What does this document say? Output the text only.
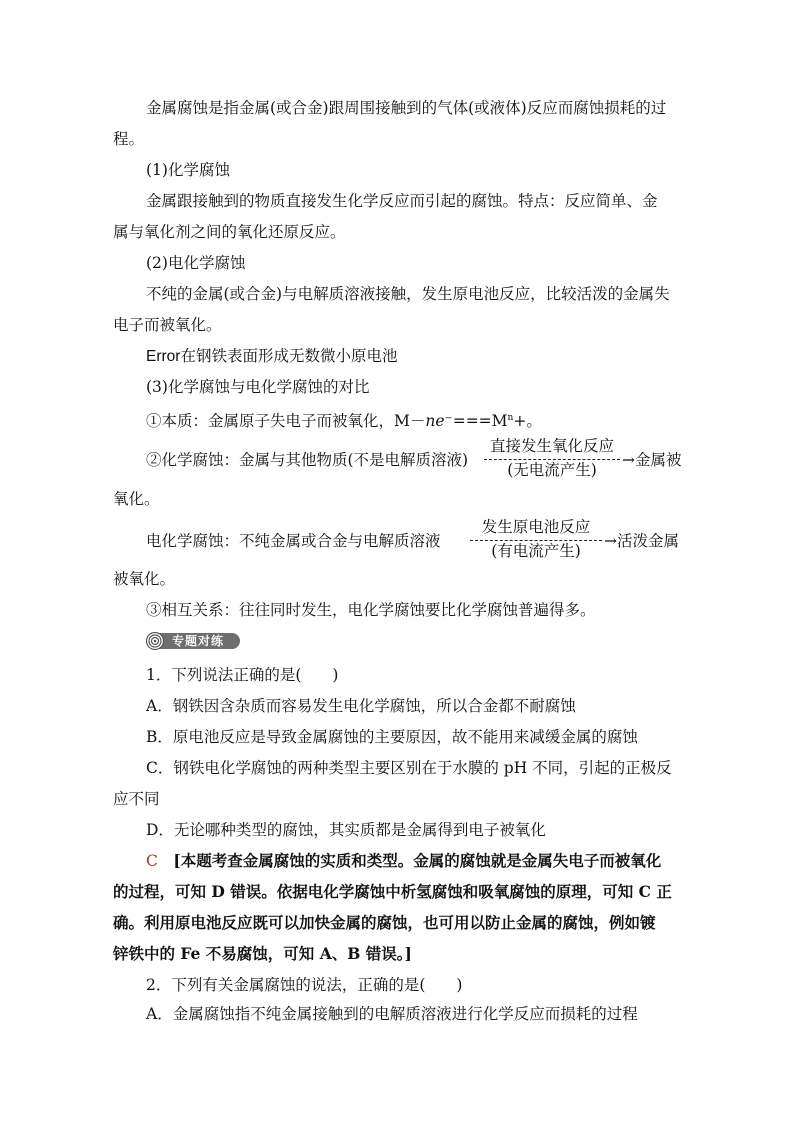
金属腐蚀是指金属(或合金)跟周围接触到的气体(或液体)反应而腐蚀损耗的过
程。
(1)化学腐蚀
金属跟接触到的物质直接发生化学反应而引起的腐蚀。特点：反应简单、金
属与氧化剂之间的氧化还原反应。
(2)电化学腐蚀
不纯的金属(或合金)与电解质溶液接触，发生原电池反应，比较活泼的金属失
电子而被氧化。
Error在钢铁表面形成无数微小原电池
(3)化学腐蚀与电化学腐蚀的对比
①本质：金属原子失电子而被氧化，$M-ne^-===M^n+$。
②化学腐蚀：金属与其他物质(不是电解质溶液)
直接发生氧化反应
(无电流产生)
→金属被
氧化。
电化学腐蚀：不纯金属或合金与电解质溶液
发生原电池反应
(有电流产生)
→活泼金属
被氧化。
③相互关系：往往同时发生，电化学腐蚀要比化学腐蚀普遍得多。
专题对练
1．下列说法正确的是(　　)
A．钢铁因含杂质而容易发生电化学腐蚀，所以合金都不耐腐蚀
B．原电池反应是导致金属腐蚀的主要原因，故不能用来减缓金属的腐蚀
C．钢铁电化学腐蚀的两种类型主要区别在于水膜的 pH 不同，引起的正极反
应不同
D．无论哪种类型的腐蚀，其实质都是金属得到电子被氧化
C　[本题考查金属腐蚀的实质和类型。金属的腐蚀就是金属失电子而被氧化
的过程，可知 D 错误。依据电化学腐蚀中析氢腐蚀和吸氧腐蚀的原理，可知 C 正
确。利用原电池反应既可以加快金属的腐蚀，也可用以防止金属的腐蚀，例如镀
锌铁中的 Fe 不易腐蚀，可知 A、B 错误。]
2．下列有关金属腐蚀的说法，正确的是(　　)
A．金属腐蚀指不纯金属接触到的电解质溶液进行化学反应而损耗的过程
